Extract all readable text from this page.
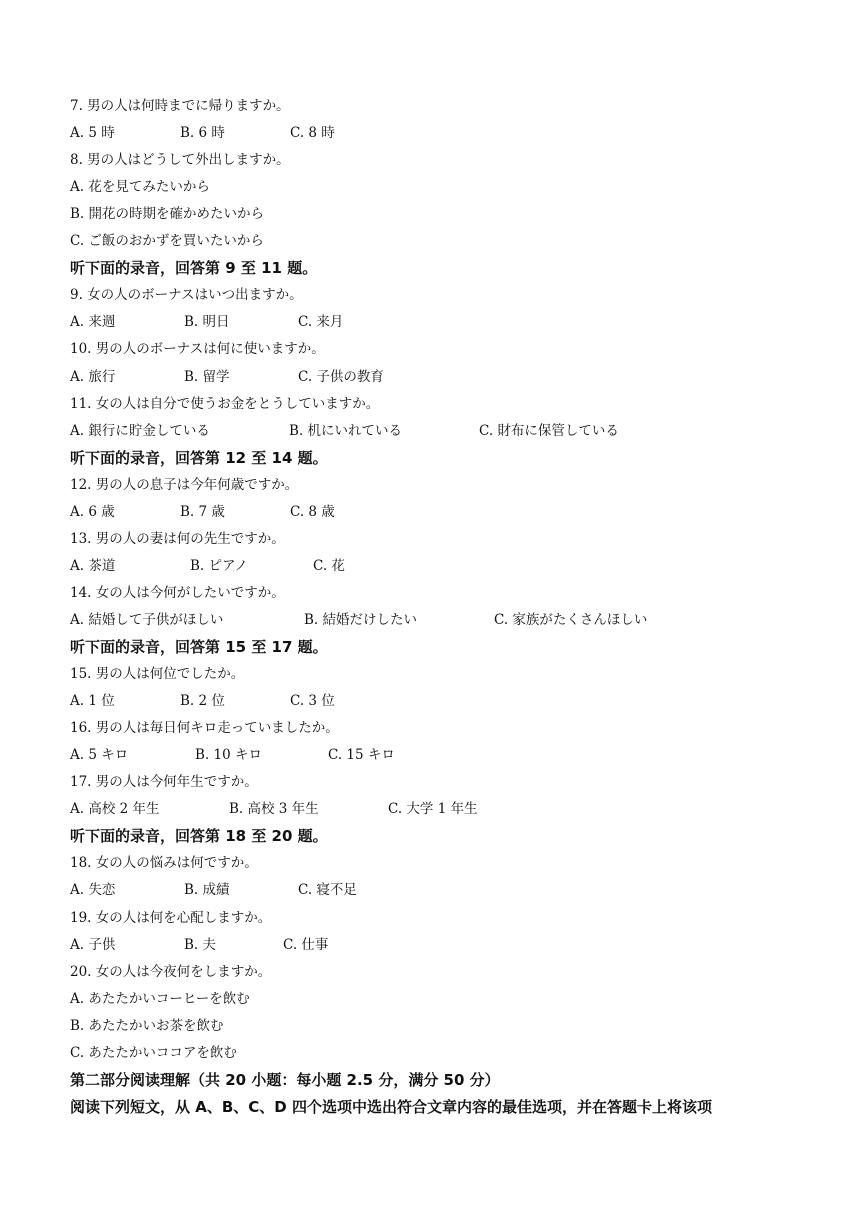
7. 男の人は何時までに帰りますか。
A. 5 時	B. 6 時	C. 8 時
8. 男の人はどうして外出しますか。
A. 花を見てみたいから
B. 開花の時期を確かめたいから
C. ご飯のおかずを買いたいから
听下面的录音，回答第 9 至 11 题。
9. 女の人のボーナスはいつ出ますか。
A. 来週	B. 明日	C. 来月
10. 男の人のボーナスは何に使いますか。
A. 旅行	B. 留学	C. 子供の教育
11. 女の人は自分で使うお金をとうしていますか。
A. 銀行に貯金している	B. 机にいれている	C. 財布に保管している
听下面的录音，回答第 12 至 14 题。
12. 男の人の息子は今年何歳ですか。
A. 6 歳	B. 7 歳	C. 8 歳
13. 男の人の妻は何の先生ですか。
A. 茶道	B. ピアノ	C. 花
14. 女の人は今何がしたいですか。
A. 結婚して子供がほしい	B. 結婚だけしたい	C. 家族がたくさんほしい
听下面的录音，回答第 15 至 17 题。
15. 男の人は何位でしたか。
A. 1 位	B. 2 位	C. 3 位
16. 男の人は毎日何キロ走っていましたか。
A. 5 キロ	B. 10 キロ	C. 15 キロ
17. 男の人は今何年生ですか。
A. 高校 2 年生	B. 高校 3 年生	C. 大学 1 年生
听下面的录音，回答第 18 至 20 题。
18. 女の人の悩みは何ですか。
A. 失恋	B. 成績	C. 寝不足
19. 女の人は何を心配しますか。
A. 子供	B. 夫	C. 仕事
20. 女の人は今夜何をしますか。
A. あたたかいコーヒーを飲む
B. あたたかいお茶を飲む
C. あたたかいココアを飲む
第二部分阅读理解（共 20 小题：每小题 2.5 分，满分 50 分）
阅读下列短文，从 A、B、C、D 四个选项中选出符合文章内容的最佳选项，并在答题卡上将该项
